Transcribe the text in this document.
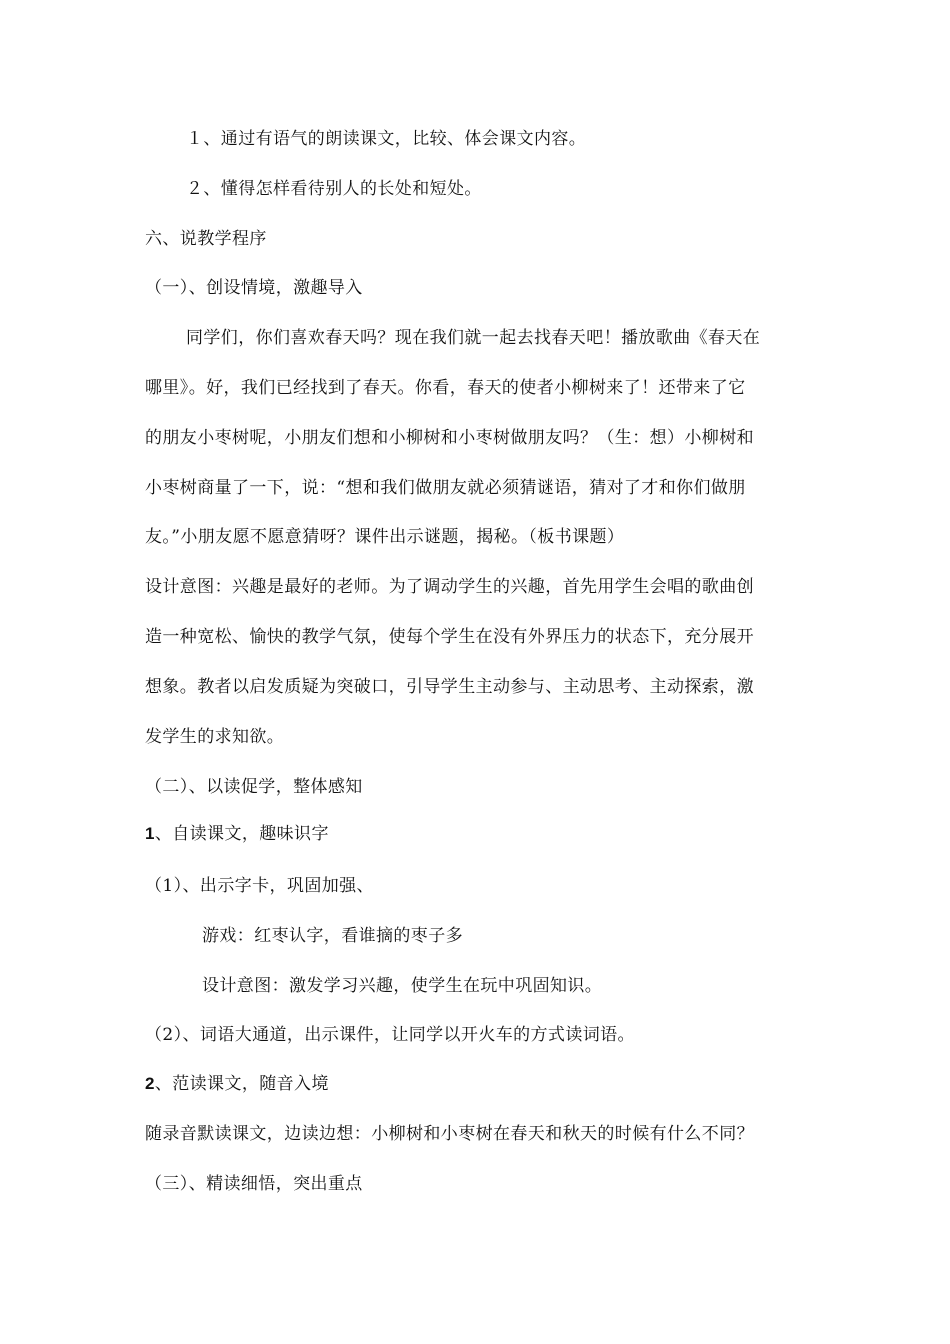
１、通过有语气的朗读课文，比较、体会课文内容。
２、懂得怎样看待别人的长处和短处。
六、说教学程序
（一）、创设情境，激趣导入
同学们，你们喜欢春天吗？现在我们就一起去找春天吧！播放歌曲《春天在
哪里》。好，我们已经找到了春天。你看，春天的使者小柳树来了！还带来了它
的朋友小枣树呢，小朋友们想和小柳树和小枣树做朋友吗？（生：想）小柳树和
小枣树商量了一下，说：“想和我们做朋友就必须猜谜语，猜对了才和你们做朋
友。”小朋友愿不愿意猜呀？课件出示谜题，揭秘。（板书课题）
设计意图：兴趣是最好的老师。为了调动学生的兴趣，首先用学生会唱的歌曲创
造一种宽松、愉快的教学气氛，使每个学生在没有外界压力的状态下，充分展开
想象。教者以启发质疑为突破口，引导学生主动参与、主动思考、主动探索，激
发学生的求知欲。
（二）、以读促学，整体感知
1、自读课文，趣味识字
（1）、出示字卡，巩固加强、
游戏：红枣认字，看谁摘的枣子多
设计意图：激发学习兴趣，使学生在玩中巩固知识。
（2）、词语大通道，出示课件，让同学以开火车的方式读词语。
2、范读课文，随音入境
随录音默读课文，边读边想：小柳树和小枣树在春天和秋天的时候有什么不同？
（三）、精读细悟，突出重点
